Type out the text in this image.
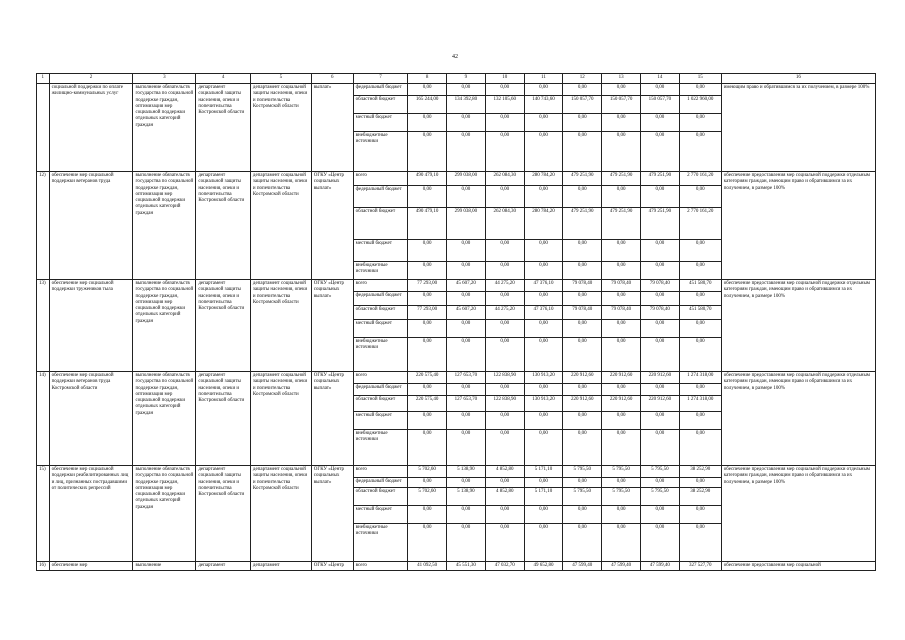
42
1	2	3	4	5	6	7	8	9	10	11	12	13	14	15	16
	социальной поддержки по оплате жилищно-коммунальных услуг	выполнение обязательств государства по социальной поддержке граждан, оптимизация мер социальной поддержки отдельных категорий граждан	департамент социальной защиты населения, опеки и попечительства Костромской области	департамент социальной защиты населения, опеки и попечительства Костромской области	выплат»	федеральный бюджет	0,00	0,00	0,00	0,00	0,00	0,00	0,00	0,00	имеющим право и обратившимся за их получением, в размере 100%
						областной бюджет	165 244,00	134 392,80	132 105,60	140 743,60	150 057,70	150 057,70	150 057,70	1 022 960,00	
						местный бюджет	0,00	0,00	0,00	0,00	0,00	0,00	0,00	0,00	
						внебюджетные источники	0,00	0,00	0,00	0,00	0,00	0,00	0,00	0,00	
12)	обеспечение мер социальной поддержки ветеранов труда	выполнение обязательств государства по социальной поддержке граждан, оптимизация мер социальной поддержки отдельных категорий граждан	департамент социальной защиты населения, опеки и попечительства Костромской области	департамент социальной защиты населения, опеки и попечительства Костромской области	ОГКУ «Центр социальных выплат»	всего	490 479,10	299 038,00	262 084,30	280 784,20	479 251,90	479 251,90	479 251,90	2 770 161,20	обеспечение предоставления мер социальной поддержки отдельным категориям граждан, имеющим право и обратившимся за их получением, в размере 100%
						федеральный бюджет	0,00	0,00	0,00	0,00	0,00	0,00	0,00	0,00	
						областной бюджет	490 479,10	299 038,00	262 084,30	280 784,20	479 251,90	479 251,90	479 251,90	2 770 161,20	
						местный бюджет	0,00	0,00	0,00	0,00	0,00	0,00	0,00	0,00	
						внебюджетные источники	0,00	0,00	0,00	0,00	0,00	0,00	0,00	0,00	
13)	обеспечение мер социальной поддержки тружеников тыла	выполнение обязательств государства по социальной поддержке граждан, оптимизация мер социальной поддержки отдельных категорий граждан	департамент социальной защиты населения, опеки и попечительства Костромской области	департамент социальной защиты населения, опеки и попечительства Костромской области	ОГКУ «Центр социальных выплат»	всего	77 293,00	45 607,20	44 275,20	47 376,10	79 078,40	79 078,40	79 078,40	451 580,70	обеспечение предоставления мер социальной поддержки отдельным категориям граждан, имеющим право и обратившимся за их получением, в размере 100%
						федеральный бюджет	0,00	0,00	0,00	0,00	0,00	0,00	0,00	0,00	
						областной бюджет	77 293,00	45 607,20	44 275,20	47 376,10	79 078,40	79 078,40	79 078,40	451 580,70	
						местный бюджет	0,00	0,00	0,00	0,00	0,00	0,00	0,00	0,00	
						внебюджетные источники	0,00	0,00	0,00	0,00	0,00	0,00	0,00	0,00	
14)	обеспечение мер социальной поддержки ветеранов труда Костромской области	выполнение обязательств государства по социальной поддержке граждан, оптимизация мер социальной поддержки отдельных категорий граждан	департамент социальной защиты населения, опеки и попечительства Костромской области	департамент социальной защиты населения, опеки и попечительства Костромской области	ОГКУ «Центр социальных выплат»	всего	220 575,40	127 653,70	122 838,90	130 913,20	220 912,60	220 912,60	220 912,60	1 274 318,00	обеспечение предоставления мер социальной поддержки отдельным категориям граждан, имеющим право и обратившимся за их получением, в размере 100%
						федеральный бюджет	0,00	0,00	0,00	0,00	0,00	0,00	0,00	0,00	
						областной бюджет	220 575,40	127 653,70	122 838,90	130 913,20	220 912,60	220 912,60	220 912,60	1 274 318,00	
						местный бюджет	0,00	0,00	0,00	0,00	0,00	0,00	0,00	0,00	
						внебюджетные источники	0,00	0,00	0,00	0,00	0,00	0,00	0,00	0,00	
15)	обеспечение мер социальной поддержки реабилитированных лиц и лиц, признанных пострадавшими от политических репрессий	выполнение обязательств государства по социальной поддержке граждан, оптимизация мер социальной поддержки отдельных категорий граждан	департамент социальной защиты населения, опеки и попечительства Костромской области	департамент социальной защиты населения, опеки и попечительства Костромской области	ОГКУ «Центр социальных выплат»	всего	5 702,60	5 138,90	4 852,80	5 171,10	5 795,50	5 795,50	5 795,50	38 252,90	обеспечение предоставления мер социальной поддержки отдельным категориям граждан, имеющим право и обратившимся за их получением, в размере 100%
						федеральный бюджет	0,00	0,00	0,00	0,00	0,00	0,00	0,00	0,00	
						областной бюджет	5 702,60	5 138,90	4 852,80	5 171,10	5 795,50	5 795,50	5 795,50	38 252,90	
						местный бюджет	0,00	0,00	0,00	0,00	0,00	0,00	0,00	0,00	
						внебюджетные источники	0,00	0,00	0,00	0,00	0,00	0,00	0,00	0,00	
16)	обеспечение мер	выполнение	департамент	департамент	ОГКУ «Центр	всего	41 092,50	45 551,30	47 032,70	49 652,80	47 599,40	47 599,40	47 599,40	327 527,70	обеспечение предоставления мер социальной
